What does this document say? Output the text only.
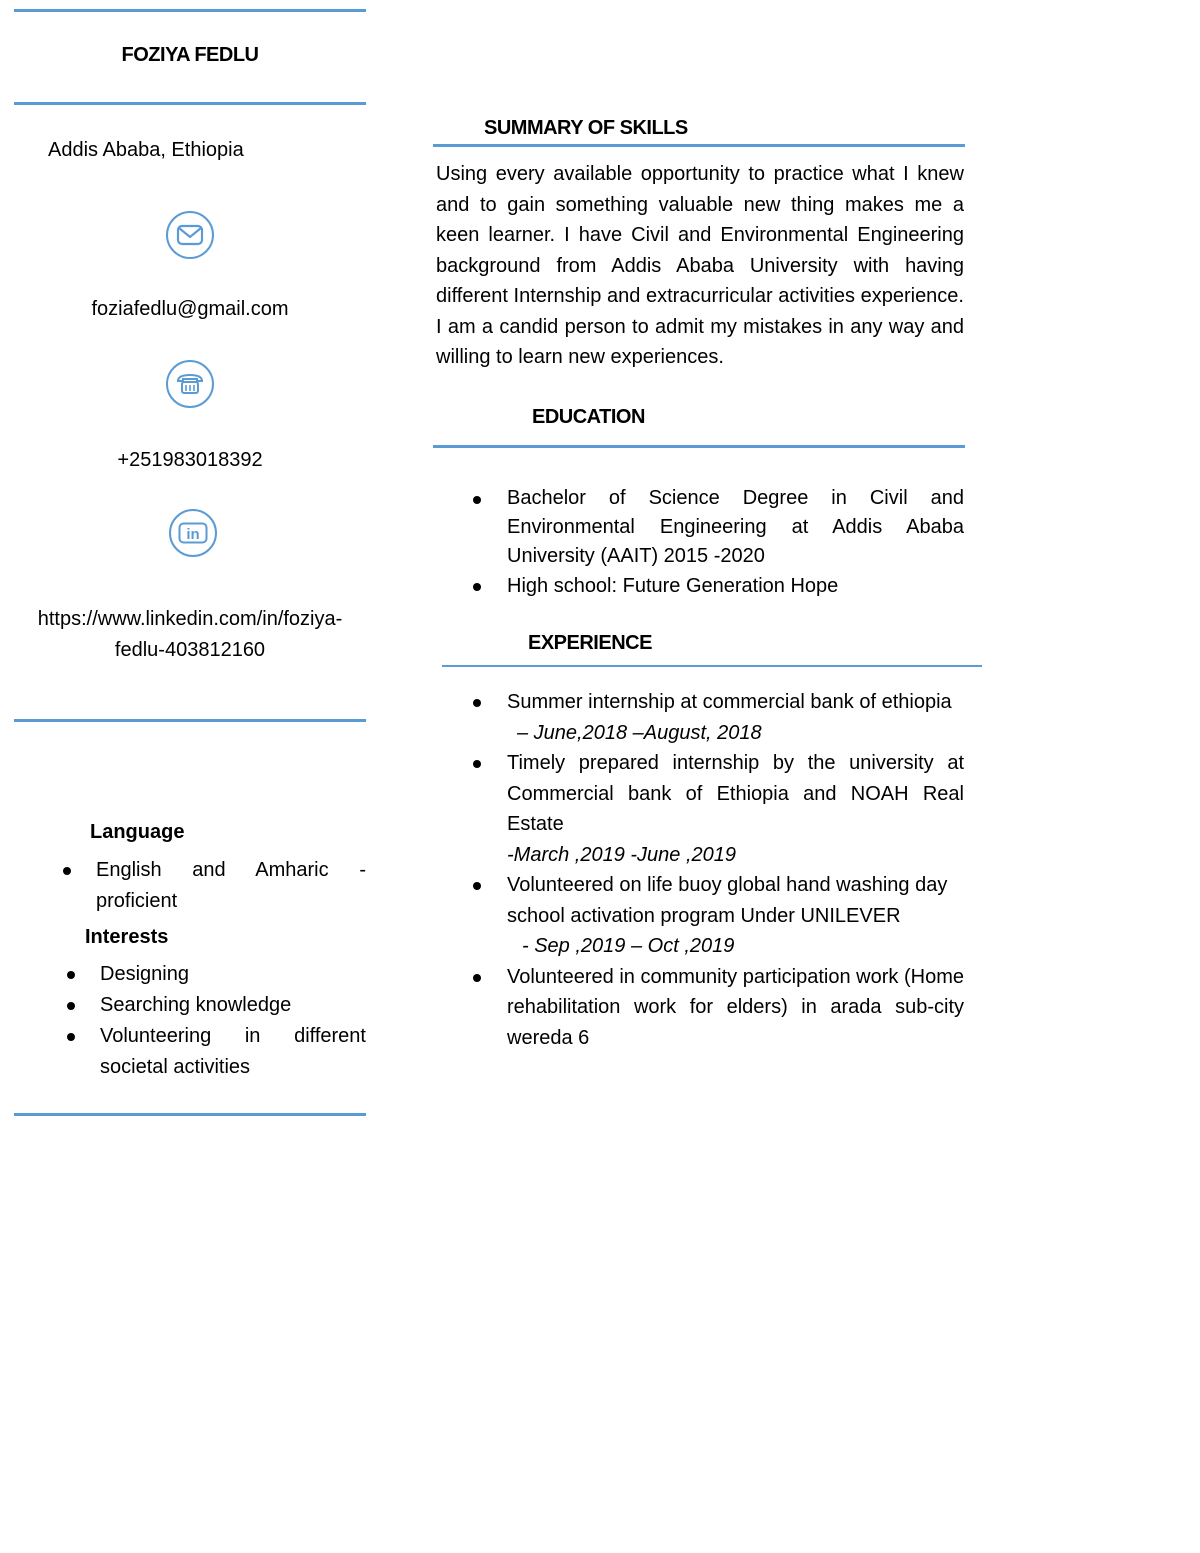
FOZIYA FEDLU
Addis Ababa, Ethiopia
foziafedlu@gmail.com
+251983018392
in
https://www.linkedin.com/in/foziya-
fedlu-403812160
Language
English and Amharic - proficient
Interests
Designing
Searching knowledge
Volunteering in different societal activities
SUMMARY OF SKILLS
Using every available opportunity to practice what I knew and to gain something valuable new thing makes me a keen learner. I have Civil and Environmental Engineering background from Addis Ababa University with having different Internship and extracurricular activities experience. I am a candid person to admit my mistakes in any way and willing to learn new experiences.
EDUCATION
Bachelor of Science Degree in Civil and Environmental Engineering at Addis Ababa University (AAIT) 2015 -2020
High school: Future Generation Hope
EXPERIENCE
Summer internship at commercial bank of ethiopia
– June,2018 –August, 2018
Timely prepared internship by the university at Commercial bank of Ethiopia and NOAH Real Estate
-March ,2019 -June ,2019
Volunteered on life buoy global hand washing day school activation program Under UNILEVER
- Sep ,2019 – Oct ,2019
Volunteered in community participation work (Home rehabilitation work for elders) in arada sub-city wereda 6
